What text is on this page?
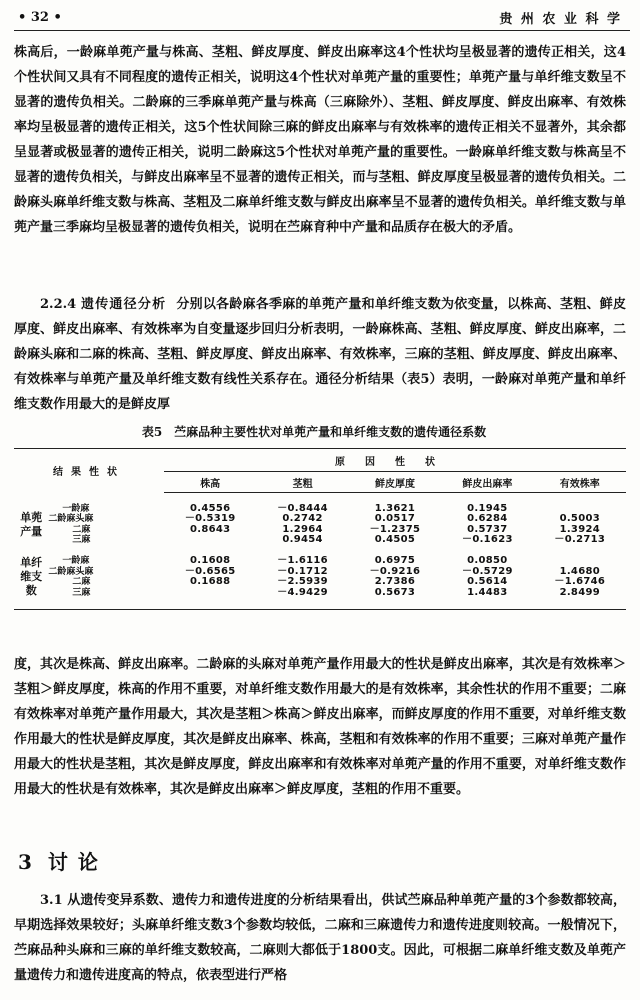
• 32 •	贵 州 农 业 科 学
株高后，一龄麻单蔸产量与株高、茎粗、鲜皮厚度、鲜皮出麻率这4个性状均呈极显著的遗传正相关，这4个性状间又具有不同程度的遗传正相关，说明这4个性状对单蔸产量的重要性；单蔸产量与单纤维支数呈不显著的遗传负相关。二龄麻的三季麻单蔸产量与株高（三麻除外）、茎粗、鲜皮厚度、鲜皮出麻率、有效株率均呈极显著的遗传正相关，这5个性状间除三麻的鲜皮出麻率与有效株率的遗传正相关不显著外，其余都呈显著或极显著的遗传正相关，说明二龄麻这5个性状对单蔸产量的重要性。一龄麻单纤维支数与株高呈不显著的遗传负相关，与鲜皮出麻率呈不显著的遗传正相关，而与茎粗、鲜皮厚度呈极显著的遗传负相关。二龄麻头麻单纤维支数与株高、茎粗及二麻单纤维支数与鲜皮出麻率呈不显著的遗传负相关。单纤维支数与单蔸产量三季麻均呈极显著的遗传负相关，说明在苎麻育种中产量和品质存在极大的矛盾。
2.2.4 遗传通径分析 分别以各龄麻各季麻的单蔸产量和单纤维支数为依变量，以株高、茎粗、鲜皮厚度、鲜皮出麻率、有效株率为自变量逐步回归分析表明，一龄麻株高、茎粗、鲜皮厚度、鲜皮出麻率，二龄麻头麻和二麻的株高、茎粗、鲜皮厚度、鲜皮出麻率、有效株率，三麻的茎粗、鲜皮厚度、鲜皮出麻率、有效株率与单蔸产量及单纤维支数有线性关系存在。通径分析结果（表5）表明，一龄麻对单蔸产量和单纤维支数作用最大的是鲜皮厚
表5 苎麻品种主要性状对单蔸产量和单纤维支数的遗传通径系数
结果性状		原因性状				
		株高	茎粗	鲜皮厚度	鲜皮出麻率	有效株率

单蔸
产量	一龄麻	0.4556	－0.8444	1.3621	0.1945	
	二龄麻头麻	－0.5319	0.2742	0.0517	0.6284	0.5003
	二麻	0.8643	1.2964	－1.2375	0.5737	1.3924
	三麻		0.9454	0.4505	－0.1623	－0.2713

单纤
维支
数	一龄麻	0.1608	－1.6116	0.6975	0.0850	
	二龄麻头麻	－0.6565	－0.1712	－0.9216	－0.5729	1.4680
	二麻	0.1688	－2.5939	2.7386	0.5614	－1.6746
	三麻		－4.9429	0.5673	1.4483	2.8499

度，其次是株高、鲜皮出麻率。二龄麻的头麻对单蔸产量作用最大的性状是鲜皮出麻率，其次是有效株率＞茎粗＞鲜皮厚度，株高的作用不重要，对单纤维支数作用最大的是有效株率，其余性状的作用不重要；二麻有效株率对单蔸产量作用最大，其次是茎粗＞株高＞鲜皮出麻率，而鲜皮厚度的作用不重要，对单纤维支数作用最大的性状是鲜皮厚度，其次是鲜皮出麻率、株高，茎粗和有效株率的作用不重要；三麻对单蔸产量作用最大的性状是茎粗，其次是鲜皮厚度，鲜皮出麻率和有效株率对单蔸产量的作用不重要，对单纤维支数作用最大的性状是有效株率，其次是鲜皮出麻率＞鲜皮厚度，茎粗的作用不重要。
3 讨论
3.1 从遗传变异系数、遗传力和遗传进度的分析结果看出，供试苎麻品种单蔸产量的3个参数都较高，早期选择效果较好；头麻单纤维支数3个参数均较低，二麻和三麻遗传力和遗传进度则较高。一般情况下，苎麻品种头麻和三麻的单纤维支数较高，二麻则大都低于1800支。因此，可根据二麻单纤维支数及单蔸产量遗传力和遗传进度高的特点，依表型进行严格
